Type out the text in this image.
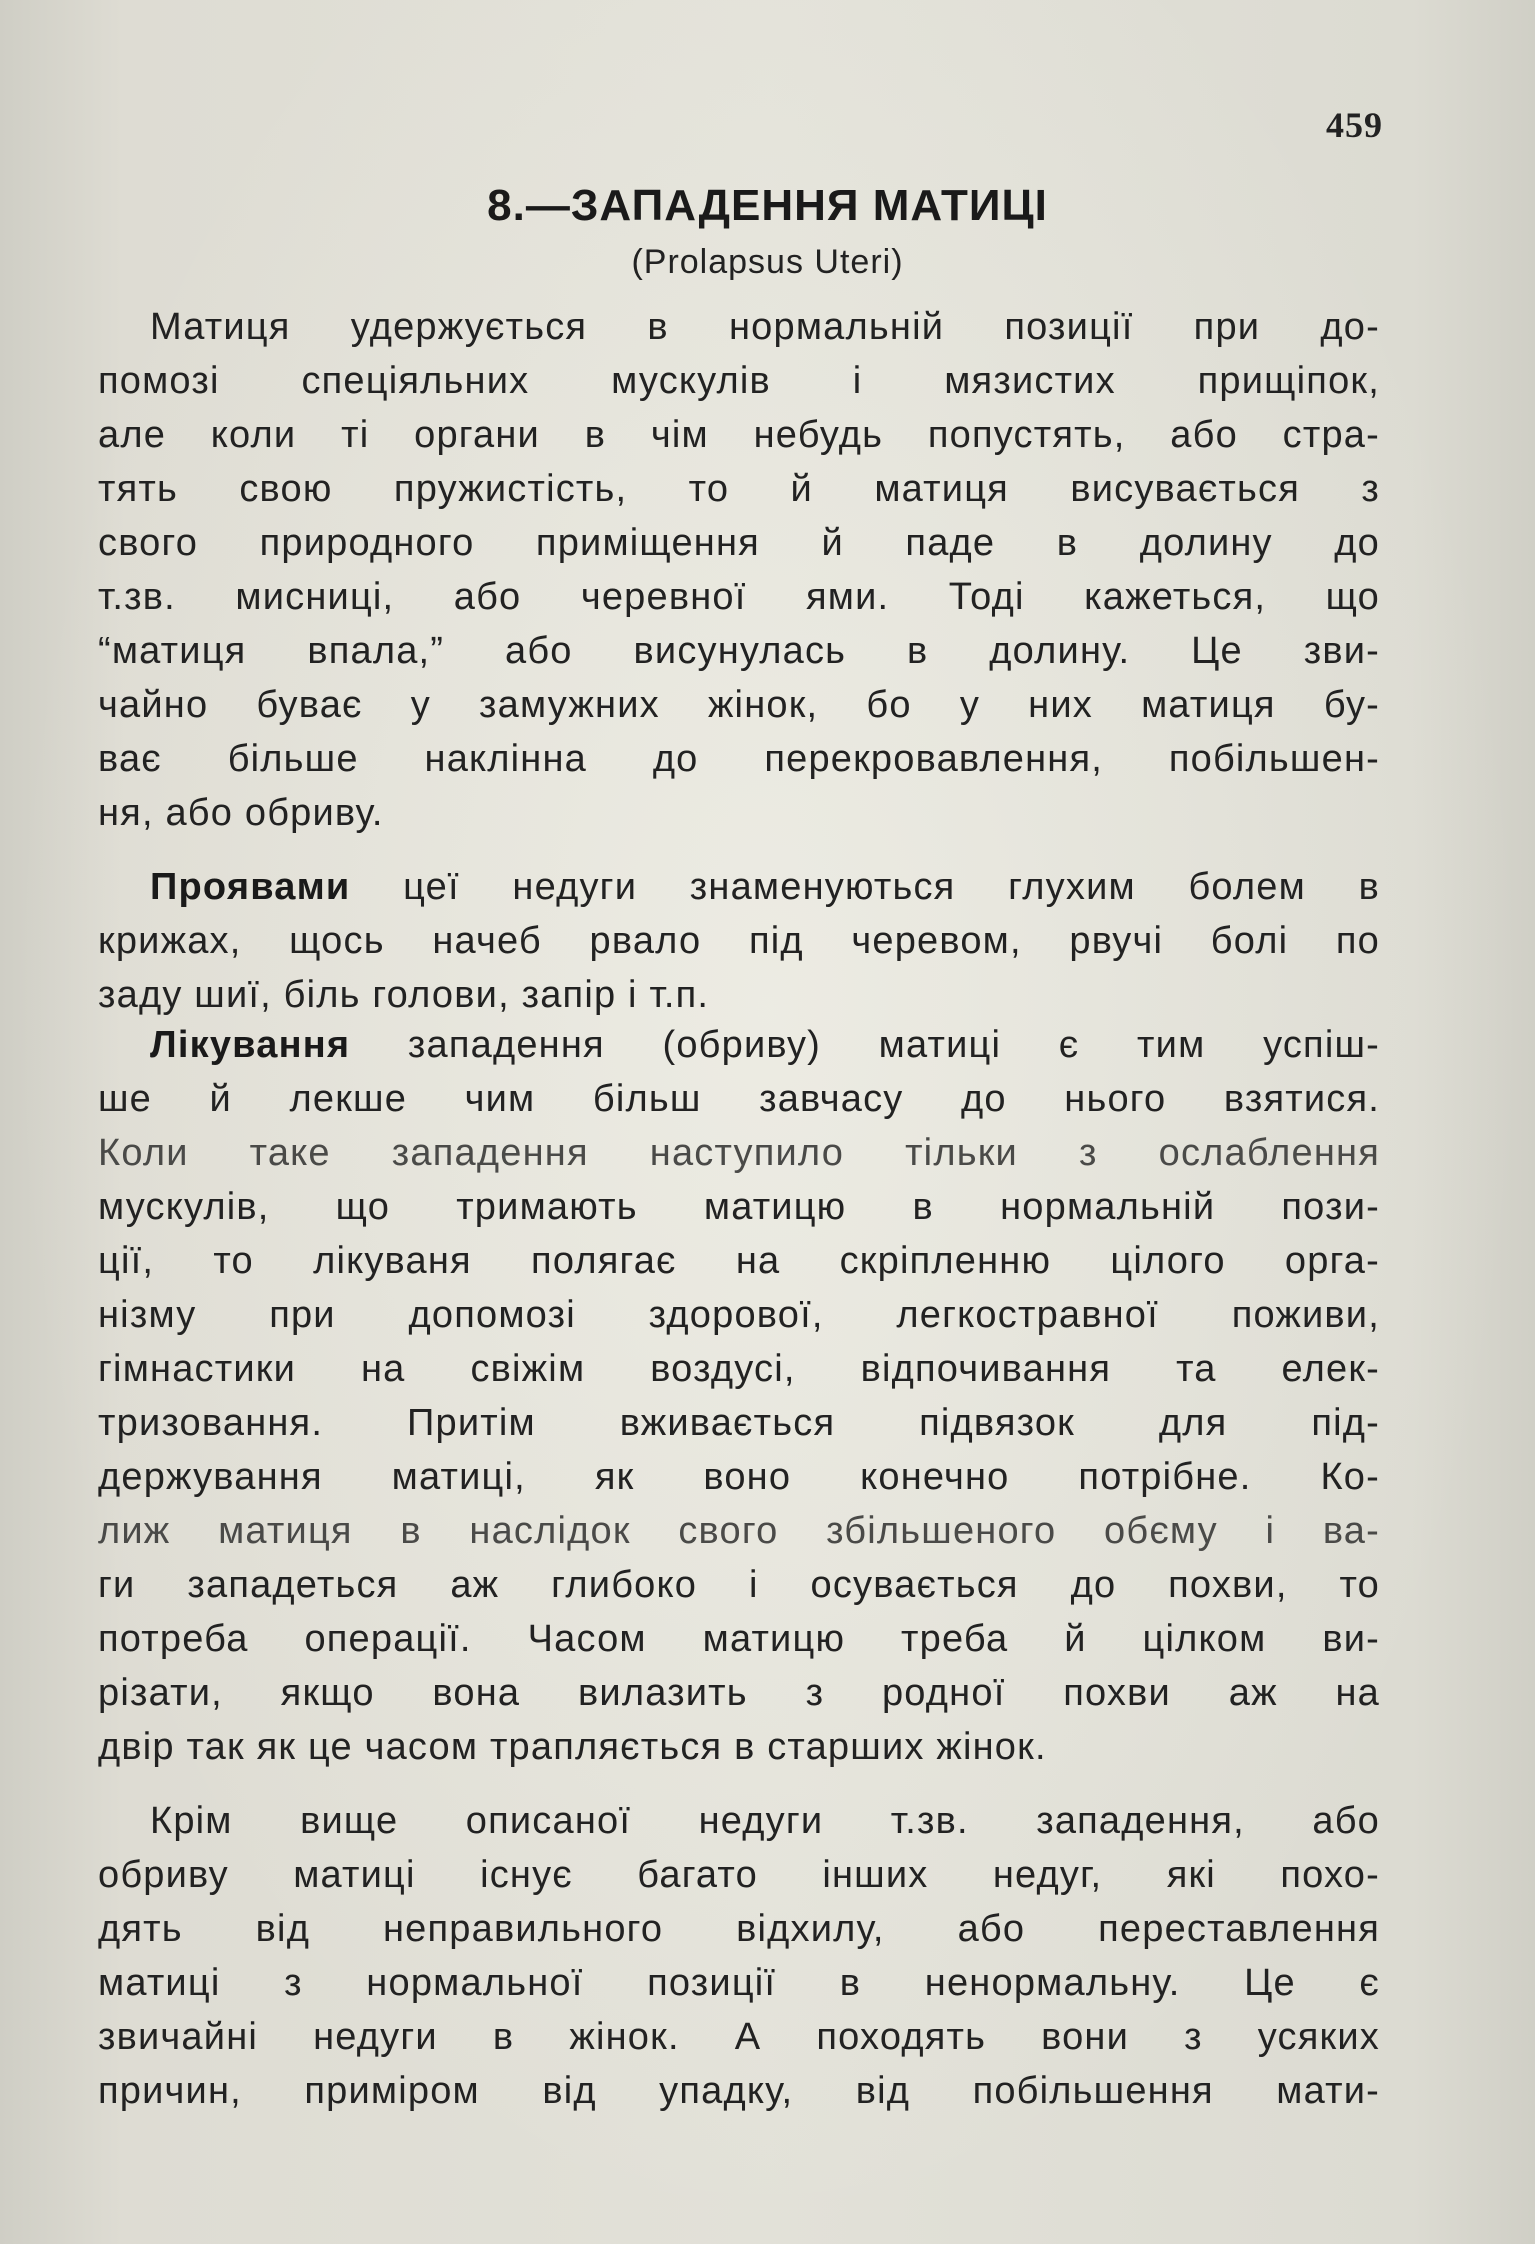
459
8.—ЗАПАДЕННЯ МАТИЦІ
(Prolapsus Uteri)
Матиця удержується в нормальній позиції при до-
помозі спеціяльних мускулів і мязистих прищіпок,
але коли ті органи в чім небудь попустять, або стра-
тять свою пружистість, то й матиця висувається з
свого природного приміщення й паде в долину до
т.зв. мисниці, або черевної ями. Тоді кажеться, що
“матиця впала,” або висунулась в долину. Це зви-
чайно буває у замужних жінок, бо у них матиця бу-
ває більше наклінна до перекровавлення, побільшен-
ня, або обриву.
Проявами цеї недуги знаменуються глухим болем в
крижах, щось начеб рвало під черевом, рвучі болі по
заду шиї, біль голови, запір і т.п.
Лікування западення (обриву) матиці є тим успіш-
ше й лекше чим більш завчасу до нього взятися.
Коли таке западення наступило тільки з ослаблення
мускулів, що тримають матицю в нормальній пози-
ції, то лікуваня полягає на скріпленню цілого орга-
нізму при допомозі здорової, легкостравної поживи,
гімнастики на свіжім воздусі, відпочивання та елек-
тризовання. Притім вживається підвязок для під-
держування матиці, як воно конечно потрібне. Ко-
лиж матиця в наслідок свого збільшеного обєму і ва-
ги западеться аж глибоко і осувається до похви, то
потреба операції. Часом матицю треба й цілком ви-
різати, якщо вона вилазить з родної похви аж на
двір так як це часом трапляється в старших жінок.
Крім вище описаної недуги т.зв. западення, або
обриву матиці існує багато інших недуг, які похо-
дять від неправильного відхилу, або переставлення
матиці з нормальної позиції в ненормальну. Це є
звичайні недуги в жінок. А походять вони з усяких
причин, примірoм від упадку, від побільшення мати-
